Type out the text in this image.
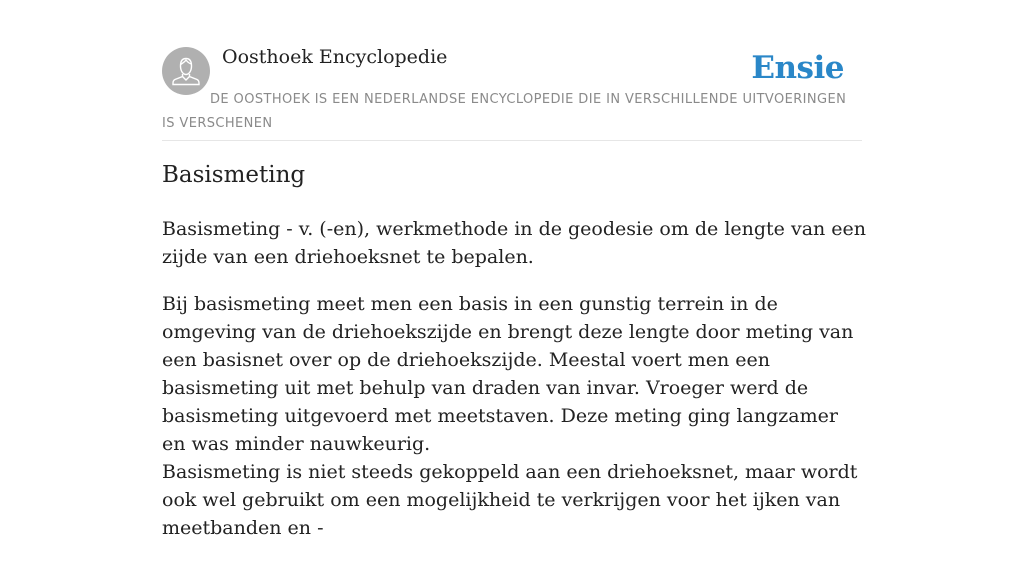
Oosthoek Encyclopedie	Ensie
DE OOSTHOEK IS EEN NEDERLANDSE ENCYCLOPEDIE DIE IN VERSCHILLENDE UITVOERINGEN IS VERSCHENEN
Basismeting

Basismeting - v. (-en), werkmethode in de geodesie om de lengte van een zijde van een driehoeksnet te bepalen.

Bij basismeting meet men een basis in een gunstig terrein in de omgeving van de driehoekszijde en brengt deze lengte door meting van een basisnet over op de driehoekszijde. Meestal voert men een basismeting uit met behulp van draden van invar. Vroeger werd de basismeting uitgevoerd met meetstaven. Deze meting ging langzamer en was minder nauwkeurig.

Basismeting is niet steeds gekoppeld aan een driehoeksnet, maar wordt ook wel gebruikt om een mogelijkheid te verkrijgen voor het ijken van meetbanden en -
